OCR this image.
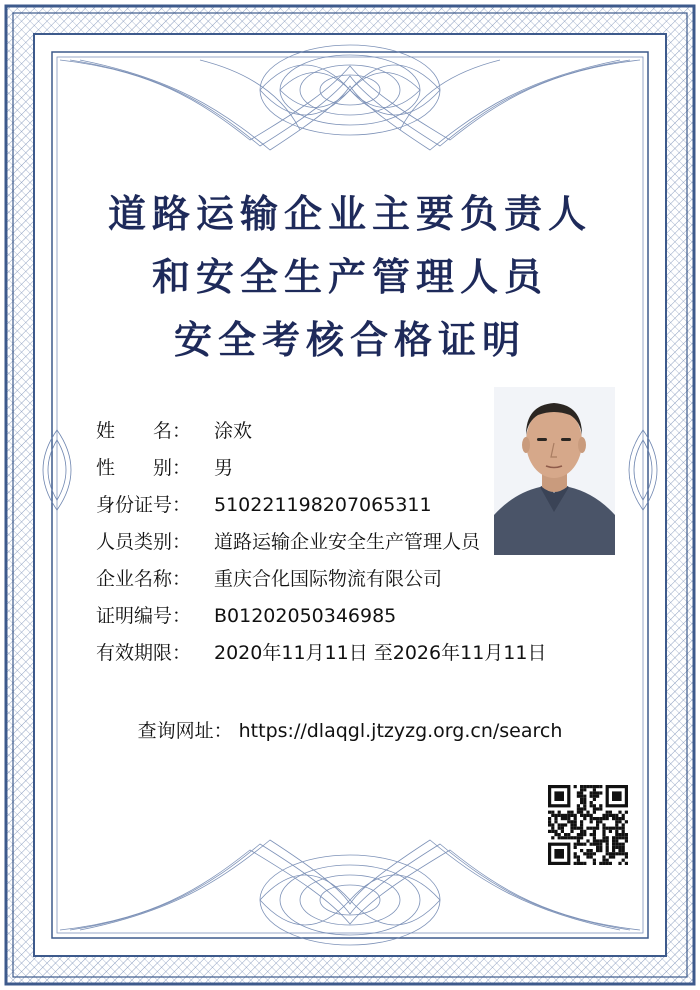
道路运输企业主要负责人
和安全生产管理人员
安全考核合格证明
姓　　名： 涂欢
性　　别： 男
身份证号： 510221198207065311
人员类别： 道路运输企业安全生产管理人员
企业名称： 重庆合化国际物流有限公司
证明编号： B01202050346985
有效期限： 2020年11月11日 至2026年11月11日
查询网址： https://dlaqgl.jtzyzg.org.cn/search
